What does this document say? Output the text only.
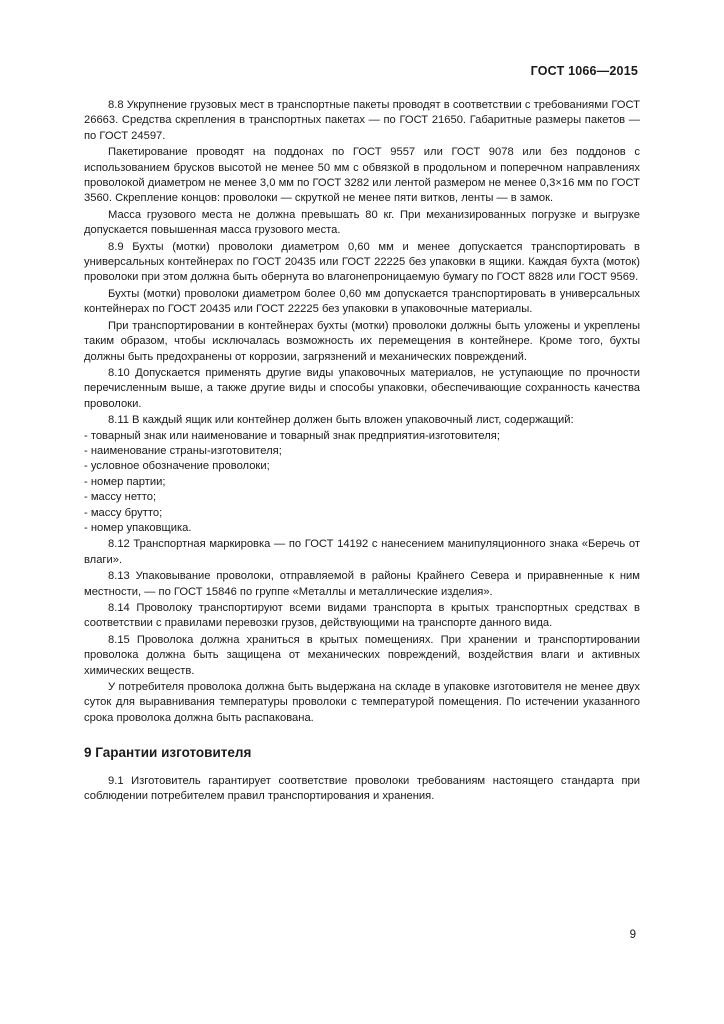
ГОСТ 1066—2015

8.8 Укрупнение грузовых мест в транспортные пакеты проводят в соответствии с требованиями ГОСТ 26663. Средства скрепления в транспортных пакетах — по ГОСТ 21650. Габаритные размеры пакетов — по ГОСТ 24597.

Пакетирование проводят на поддонах по ГОСТ 9557 или ГОСТ 9078 или без поддонов с использованием брусков высотой не менее 50 мм с обвязкой в продольном и поперечном направлениях проволокой диаметром не менее 3,0 мм по ГОСТ 3282 или лентой размером не менее 0,3×16 мм по ГОСТ 3560. Скрепление концов: проволоки — скруткой не менее пяти витков, ленты — в замок.

Масса грузового места не должна превышать 80 кг. При механизированных погрузке и выгрузке допускается повышенная масса грузового места.

8.9 Бухты (мотки) проволоки диаметром 0,60 мм и менее допускается транспортировать в универсальных контейнерах по ГОСТ 20435 или ГОСТ 22225 без упаковки в ящики. Каждая бухта (моток) проволоки при этом должна быть обернута во влагонепроницаемую бумагу по ГОСТ 8828 или ГОСТ 9569.

Бухты (мотки) проволоки диаметром более 0,60 мм допускается транспортировать в универсальных контейнерах по ГОСТ 20435 или ГОСТ 22225 без упаковки в упаковочные материалы.

При транспортировании в контейнерах бухты (мотки) проволоки должны быть уложены и укреплены таким образом, чтобы исключалась возможность их перемещения в контейнере. Кроме того, бухты должны быть предохранены от коррозии, загрязнений и механических повреждений.

8.10 Допускается применять другие виды упаковочных материалов, не уступающие по прочности перечисленным выше, а также другие виды и способы упаковки, обеспечивающие сохранность качества проволоки.

8.11 В каждый ящик или контейнер должен быть вложен упаковочный лист, содержащий:

- товарный знак или наименование и товарный знак предприятия-изготовителя;

- наименование страны-изготовителя;

- условное обозначение проволоки;

- номер партии;

- массу нетто;

- массу брутто;

- номер упаковщика.

8.12 Транспортная маркировка — по ГОСТ 14192 с нанесением манипуляционного знака «Беречь от влаги».

8.13 Упаковывание проволоки, отправляемой в районы Крайнего Севера и приравненные к ним местности, — по ГОСТ 15846 по группе «Металлы и металлические изделия».

8.14 Проволоку транспортируют всеми видами транспорта в крытых транспортных средствах в соответствии с правилами перевозки грузов, действующими на транспорте данного вида.

8.15 Проволока должна храниться в крытых помещениях. При хранении и транспортировании проволока должна быть защищена от механических повреждений, воздействия влаги и активных химических веществ.

У потребителя проволока должна быть выдержана на складе в упаковке изготовителя не менее двух суток для выравнивания температуры проволоки с температурой помещения. По истечении указанного срока проволока должна быть распакована.

9 Гарантии изготовителя

9.1 Изготовитель гарантирует соответствие проволоки требованиям настоящего стандарта при соблюдении потребителем правил транспортирования и хранения.

9
